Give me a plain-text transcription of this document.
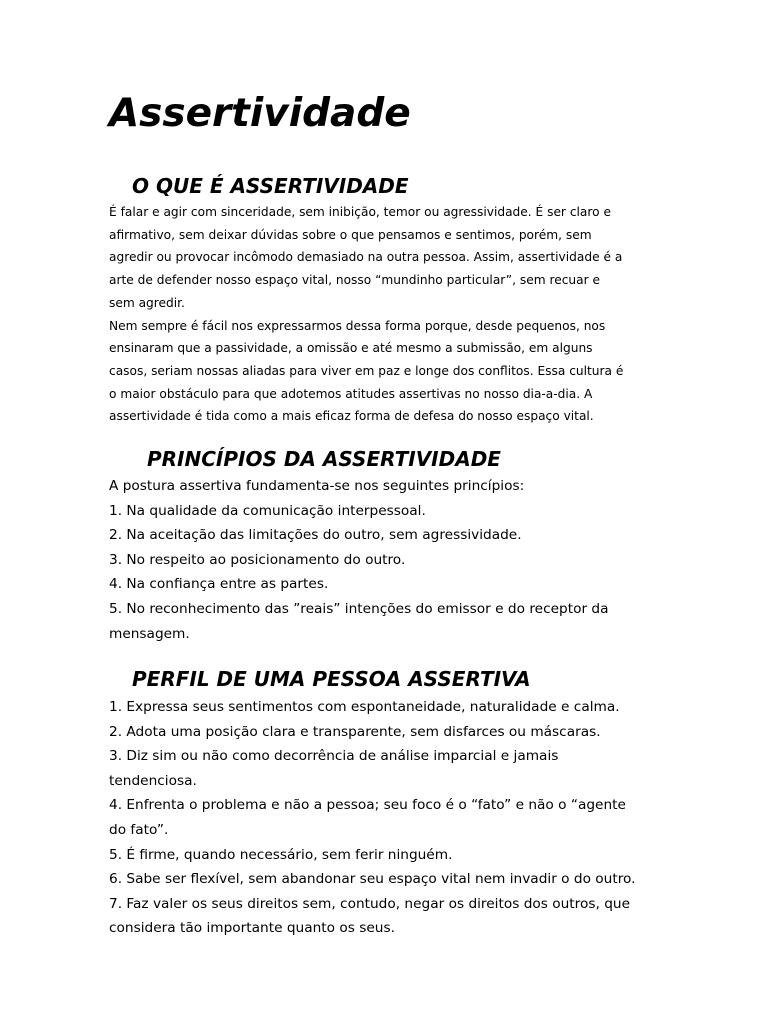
Assertividade
O QUE É ASSERTIVIDADE

É falar e agir com sinceridade, sem inibição, temor ou agressividade. É ser claro e

afirmativo, sem deixar dúvidas sobre o que pensamos e sentimos, porém, sem

agredir ou provocar incômodo demasiado na outra pessoa. Assim, assertividade é a

arte de defender nosso espaço vital, nosso “mundinho particular”, sem recuar e

sem agredir.

Nem sempre é fácil nos expressarmos dessa forma porque, desde pequenos, nos

ensinaram que a passividade, a omissão e até mesmo a submissão, em alguns

casos, seriam nossas aliadas para viver em paz e longe dos conflitos. Essa cultura é

o maior obstáculo para que adotemos atitudes assertivas no nosso dia-a-dia. A

assertividade é tida como a mais eficaz forma de defesa do nosso espaço vital.

PRINCÍPIOS DA ASSERTIVIDADE

A postura assertiva fundamenta-se nos seguintes princípios:

1. Na qualidade da comunicação interpessoal.

2. Na aceitação das limitações do outro, sem agressividade.

3. No respeito ao posicionamento do outro.

4. Na confiança entre as partes.

5. No reconhecimento das ”reais” intenções do emissor e do receptor da

mensagem.

PERFIL DE UMA PESSOA ASSERTIVA

1. Expressa seus sentimentos com espontaneidade, naturalidade e calma.

2. Adota uma posição clara e transparente, sem disfarces ou máscaras.

3. Diz sim ou não como decorrência de análise imparcial e jamais

tendenciosa.

4. Enfrenta o problema e não a pessoa; seu foco é o “fato” e não o “agente

do fato”.

5. É firme, quando necessário, sem ferir ninguém.

6. Sabe ser flexível, sem abandonar seu espaço vital nem invadir o do outro.

7. Faz valer os seus direitos sem, contudo, negar os direitos dos outros, que

considera tão importante quanto os seus.
